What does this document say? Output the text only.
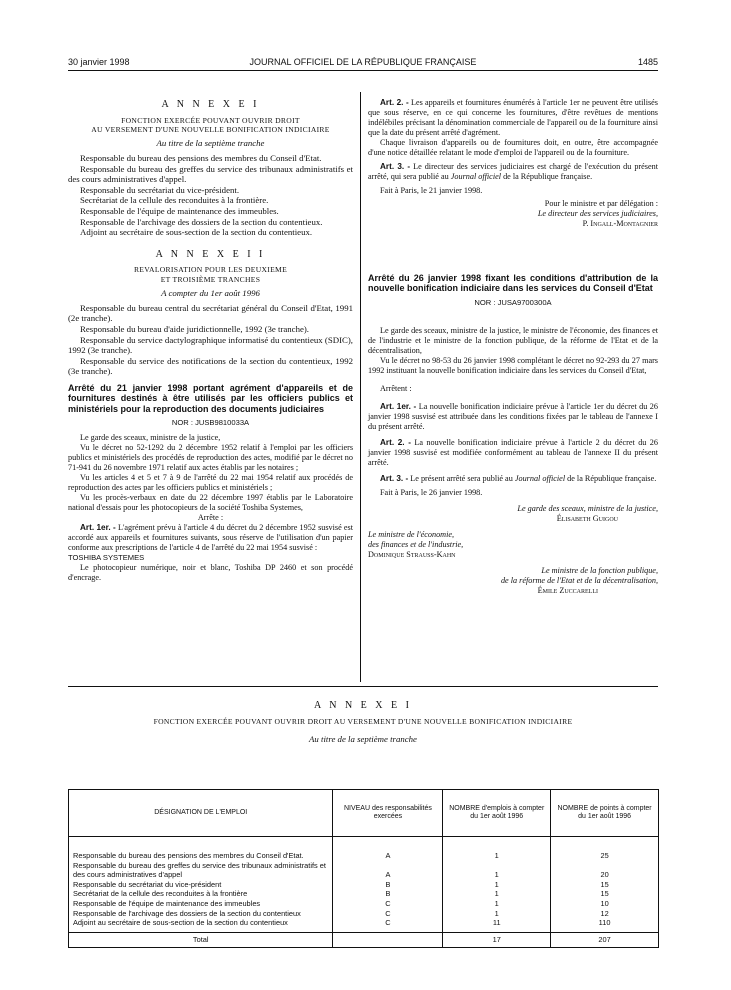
30 janvier 1998	JOURNAL OFFICIEL DE LA RÉPUBLIQUE FRANÇAISE	1485
A N N E X E I
FONCTION EXERCÉE POUVANT OUVRIR DROIT
AU VERSEMENT D'UNE NOUVELLE BONIFICATION INDICIAIRE
Au titre de la septième tranche

Responsable du bureau des pensions des membres du Conseil d'Etat.

Responsable du bureau des greffes du service des tribunaux administratifs et des cours administratives d'appel.

Responsable du secrétariat du vice-président.

Secrétariat de la cellule des reconduites à la frontière.

Responsable de l'équipe de maintenance des immeubles.

Responsable de l'archivage des dossiers de la section du contentieux.

Adjoint au secrétaire de sous-section de la section du contentieux.

A N N E X E I I
REVALORISATION POUR LES DEUXIEME
ET TROISIÈME TRANCHES
A compter du 1er août 1996

Responsable du bureau central du secrétariat général du Conseil d'Etat, 1991 (2e tranche).

Responsable du bureau d'aide juridictionnelle, 1992 (3e tranche).

Responsable du service dactylographique informatisé du contentieux (SDIC), 1992 (3e tranche).

Responsable du service des notifications de la section du contentieux, 1992 (3e tranche).

Arrêté du 21 janvier 1998 portant agrément d'appareils et de fournitures destinés à être utilisés par les officiers publics et ministériels pour la reproduction des documents judiciaires

NOR : JUSB9810033A

Le garde des sceaux, ministre de la justice,

Vu le décret no 52-1292 du 2 décembre 1952 relatif à l'emploi par les officiers publics et ministériels des procédés de reproduction des actes, modifié par le décret no 71-941 du 26 novembre 1971 relatif aux actes établis par les notaires ;

Vu les articles 4 et 5 et 7 à 9 de l'arrêté du 22 mai 1954 relatif aux procédés de reproduction des actes par les officiers publics et ministériels ;

Vu les procès-verbaux en date du 22 décembre 1997 établis par le Laboratoire national d'essais pour les photocopieurs de la société Toshiba Systemes,

Arrête :

Art. 1er. - L'agrément prévu à l'article 4 du décret du 2 décembre 1952 susvisé est accordé aux appareils et fournitures suivants, sous réserve de l'utilisation d'un papier conforme aux prescriptions de l'article 4 de l'arrêté du 22 mai 1954 susvisé :

TOSHIBA SYSTEMES

Le photocopieur numérique, noir et blanc, Toshiba DP 2460 et son procédé d'encrage.

Art. 2. - Les appareils et fournitures énumérés à l'article 1er ne peuvent être utilisés que sous réserve, en ce qui concerne les fournitures, d'être revêtues de mentions indélébiles précisant la dénomination commerciale de l'appareil ou de la fourniture ainsi que la date du présent arrêté d'agrément.

Chaque livraison d'appareils ou de fournitures doit, en outre, être accompagnée d'une notice détaillée relatant le mode d'emploi de l'appareil ou de la fourniture.

Art. 3. - Le directeur des services judiciaires est chargé de l'exécution du présent arrêté, qui sera publié au Journal officiel de la République française.

Fait à Paris, le 21 janvier 1998.

Pour le ministre et par délégation :
Le directeur des services judiciaires,
P. Ingall-Montagnier

Arrêté du 26 janvier 1998 fixant les conditions d'attribution de la nouvelle bonification indiciaire dans les services du Conseil d'Etat

NOR : JUSA9700300A

Le garde des sceaux, ministre de la justice, le ministre de l'économie, des finances et de l'industrie et le ministre de la fonction publique, de la réforme de l'Etat et de la décentralisation,

Vu le décret no 98-53 du 26 janvier 1998 complétant le décret no 92-293 du 27 mars 1992 instituant la nouvelle bonification indiciaire dans les services du Conseil d'Etat,

Arrêtent :

Art. 1er. - La nouvelle bonification indiciaire prévue à l'article 1er du décret du 26 janvier 1998 susvisé est attribuée dans les conditions fixées par le tableau de l'annexe I du présent arrêté.

Art. 2. - La nouvelle bonification indiciaire prévue à l'article 2 du décret du 26 janvier 1998 susvisé est modifiée conformément au tableau de l'annexe II du présent arrêté.

Art. 3. - Le présent arrêté sera publié au Journal officiel de la République française.

Fait à Paris, le 26 janvier 1998.

Le garde des sceaux, ministre de la justice,
Élisabeth Guigou
Le ministre de l'économie,
des finances et de l'industrie,
Dominique Strauss-Kahn
Le ministre de la fonction publique,
de la réforme de l'Etat et de la décentralisation,
Émile Zuccarelli
A N N E X E I
FONCTION EXERCÉE POUVANT OUVRIR DROIT AU VERSEMENT D'UNE NOUVELLE BONIFICATION INDICIAIRE
Au titre de la septième tranche
DÉSIGNATION DE L'EMPLOI	NIVEAU des responsabilités exercées	NOMBRE d'emplois à compter du 1er août 1996	NOMBRE de points à compter du 1er août 1996

Responsable du bureau des pensions des membres du Conseil d'Etat.	A	1	25
Responsable du bureau des greffes du service des tribunaux administratifs et des cours administratives d'appel	A	1	20
Responsable du secrétariat du vice-président	B	1	15
Secrétariat de la cellule des reconduites à la frontière	B	1	15
Responsable de l'équipe de maintenance des immeubles	C	1	10
Responsable de l'archivage des dossiers de la section du contentieux	C	1	12
Adjoint au secrétaire de sous-section de la section du contentieux	C	11	110

Total		17	207
